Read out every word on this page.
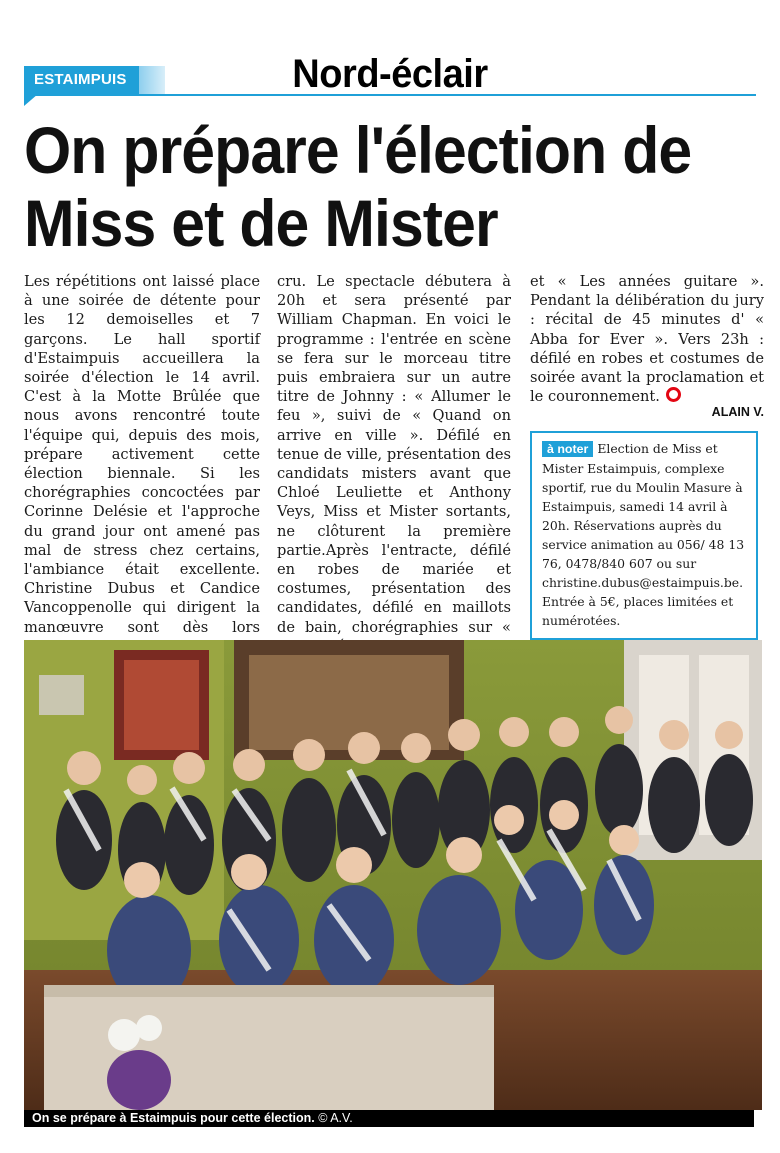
ESTAIMPUIS	Nord-éclair
On prépare l'élection de Miss et de Mister
Les répétitions ont laissé place à une soirée de détente pour les 12 demoiselles et 7 garçons. Le hall sportif d'Estaimpuis accueillera la soirée d'élection le 14 avril. C'est à la Motte Brûlée que nous avons rencontré toute l'équipe qui, depuis des mois, prépare activement cette élection biennale. Si les chorégraphies concoctées par Corinne Delésie et l'approche du grand jour ont amené pas mal de stress chez certains, l'ambiance était excellente. Christine Dubus et Candice Vancoppenolle qui dirigent la manœuvre sont dès lors
cru. Le spectacle débutera à 20h et sera présenté par William Chapman. En voici le programme : l'entrée en scène se fera sur le morceau titre puis embraiera sur un autre titre de Johnny : « Allumer le feu », suivi de « Quand on arrive en ville ». Défilé en tenue de ville, présentation des candidats misters avant que Chloé Leuliette et Anthony Veys, Miss et Mister sortants, ne clôturent la première partie.Après l'entracte, défilé en robes de mariée et costumes, présentation des candidates, défilé en maillots de bain, chorégraphies sur «
et « Les années guitare ». Pendant la délibération du jury : récital de 45 minutes d' « Abba for Ever ». Vers 23h : défilé en robes et costumes de soirée avant la proclamation et le couronnement.
ALAIN V.
à noter Election de Miss et Mister Estaimpuis, complexe sportif, rue du Moulin Masure à Estaimpuis, samedi 14 avril à 20h. Réservations auprès du service animation au 056/ 48 13 76, 0478/840 607 ou sur christine.dubus@estaimpuis.be. Entrée à 5€, places limitées et numérotées.
On se prépare à Estaimpuis pour cette élection. © A.V.
